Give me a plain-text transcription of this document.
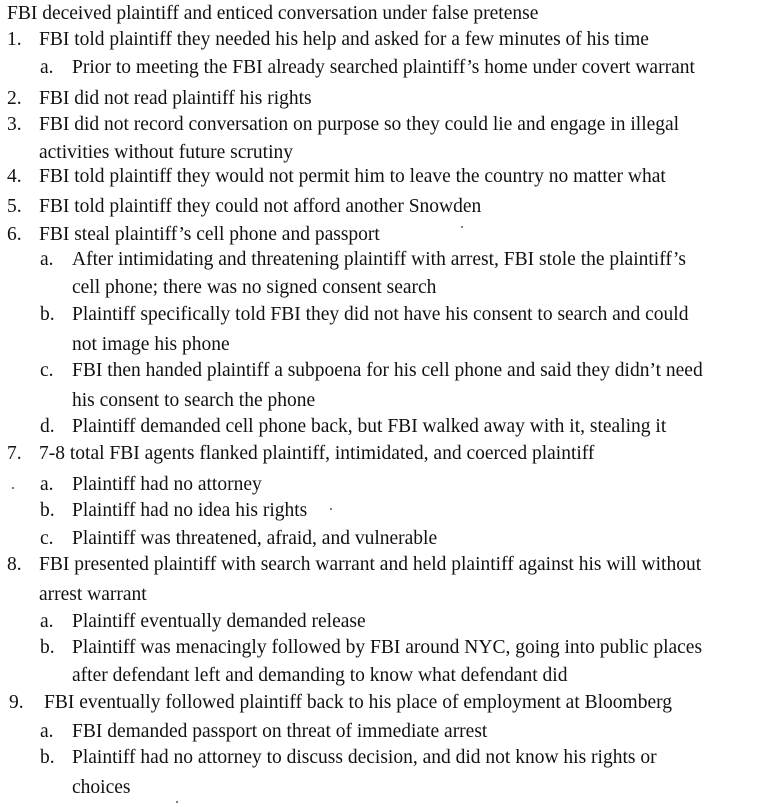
FBI deceived plaintiff and enticed conversation under false pretense
1. FBI told plaintiff they needed his help and asked for a few minutes of his time
a. Prior to meeting the FBI already searched plaintiff’s home under covert warrant
2. FBI did not read plaintiff his rights
3. FBI did not record conversation on purpose so they could lie and engage in illegal
activities without future scrutiny
4. FBI told plaintiff they would not permit him to leave the country no matter what
5. FBI told plaintiff they could not afford another Snowden
6. FBI steal plaintiff’s cell phone and passport
a. After intimidating and threatening plaintiff with arrest, FBI stole the plaintiff’s
cell phone; there was no signed consent search
b. Plaintiff specifically told FBI they did not have his consent to search and could
not image his phone
c. FBI then handed plaintiff a subpoena for his cell phone and said they didn’t need
his consent to search the phone
d. Plaintiff demanded cell phone back, but FBI walked away with it, stealing it
7. 7-8 total FBI agents flanked plaintiff, intimidated, and coerced plaintiff
a. Plaintiff had no attorney
b. Plaintiff had no idea his rights
c. Plaintiff was threatened, afraid, and vulnerable
8. FBI presented plaintiff with search warrant and held plaintiff against his will without
arrest warrant
a. Plaintiff eventually demanded release
b. Plaintiff was menacingly followed by FBI around NYC, going into public places
after defendant left and demanding to know what defendant did
9. FBI eventually followed plaintiff back to his place of employment at Bloomberg
a. FBI demanded passport on threat of immediate arrest
b. Plaintiff had no attorney to discuss decision, and did not know his rights or
choices
